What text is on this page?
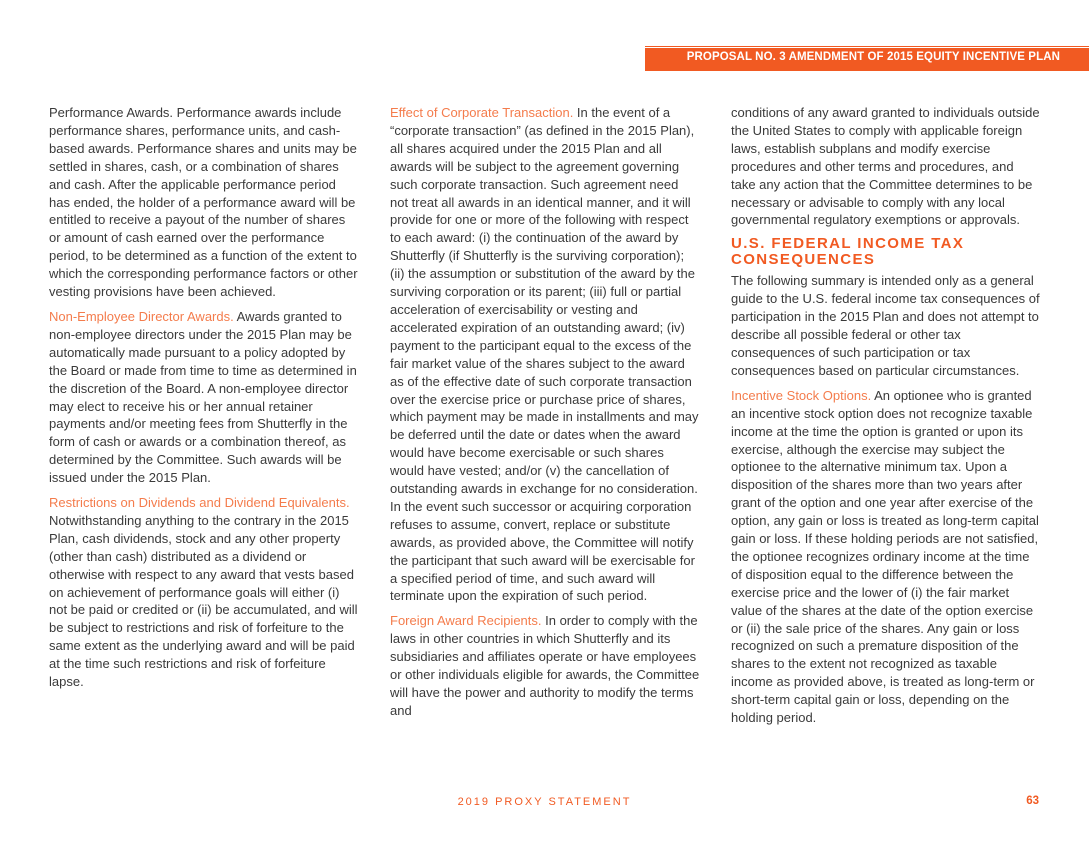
PROPOSAL NO. 3 AMENDMENT OF 2015 EQUITY INCENTIVE PLAN

Performance Awards. Performance awards include performance shares, performance units, and cash-based awards. Performance shares and units may be settled in shares, cash, or a combination of shares and cash. After the applicable performance period has ended, the holder of a performance award will be entitled to receive a payout of the number of shares or amount of cash earned over the performance period, to be determined as a function of the extent to which the corresponding performance factors or other vesting provisions have been achieved.

Non-Employee Director Awards. Awards granted to non-employee directors under the 2015 Plan may be automatically made pursuant to a policy adopted by the Board or made from time to time as determined in the discretion of the Board. A non-employee director may elect to receive his or her annual retainer payments and/or meeting fees from Shutterfly in the form of cash or awards or a combination thereof, as determined by the Committee. Such awards will be issued under the 2015 Plan.

Restrictions on Dividends and Dividend Equivalents. Notwithstanding anything to the contrary in the 2015 Plan, cash dividends, stock and any other property (other than cash) distributed as a dividend or otherwise with respect to any award that vests based on achievement of performance goals will either (i) not be paid or credited or (ii) be accumulated, and will be subject to restrictions and risk of forfeiture to the same extent as the underlying award and will be paid at the time such restrictions and risk of forfeiture lapse.

Effect of Corporate Transaction. In the event of a “corporate transaction” (as defined in the 2015 Plan), all shares acquired under the 2015 Plan and all awards will be subject to the agreement governing such corporate transaction. Such agreement need not treat all awards in an identical manner, and it will provide for one or more of the following with respect to each award: (i) the continuation of the award by Shutterfly (if Shutterfly is the surviving corporation); (ii) the assumption or substitution of the award by the surviving corporation or its parent; (iii) full or partial acceleration of exercisability or vesting and accelerated expiration of an outstanding award; (iv) payment to the participant equal to the excess of the fair market value of the shares subject to the award as of the effective date of such corporate transaction over the exercise price or purchase price of shares, which payment may be made in installments and may be deferred until the date or dates when the award would have become exercisable or such shares would have vested; and/or (v) the cancellation of outstanding awards in exchange for no consideration. In the event such successor or acquiring corporation refuses to assume, convert, replace or substitute awards, as provided above, the Committee will notify the participant that such award will be exercisable for a specified period of time, and such award will terminate upon the expiration of such period.

Foreign Award Recipients. In order to comply with the laws in other countries in which Shutterfly and its subsidiaries and affiliates operate or have employees or other individuals eligible for awards, the Committee will have the power and authority to modify the terms and

conditions of any award granted to individuals outside the United States to comply with applicable foreign laws, establish subplans and modify exercise procedures and other terms and procedures, and take any action that the Committee determines to be necessary or advisable to comply with any local governmental regulatory exemptions or approvals.

U.S. FEDERAL INCOME TAX CONSEQUENCES

The following summary is intended only as a general guide to the U.S. federal income tax consequences of participation in the 2015 Plan and does not attempt to describe all possible federal or other tax consequences of such participation or tax consequences based on particular circumstances.

Incentive Stock Options. An optionee who is granted an incentive stock option does not recognize taxable income at the time the option is granted or upon its exercise, although the exercise may subject the optionee to the alternative minimum tax. Upon a disposition of the shares more than two years after grant of the option and one year after exercise of the option, any gain or loss is treated as long-term capital gain or loss. If these holding periods are not satisfied, the optionee recognizes ordinary income at the time of disposition equal to the difference between the exercise price and the lower of (i) the fair market value of the shares at the date of the option exercise or (ii) the sale price of the shares. Any gain or loss recognized on such a premature disposition of the shares to the extent not recognized as taxable income as provided above, is treated as long-term or short-term capital gain or loss, depending on the holding period.

2019 PROXY STATEMENT	63
